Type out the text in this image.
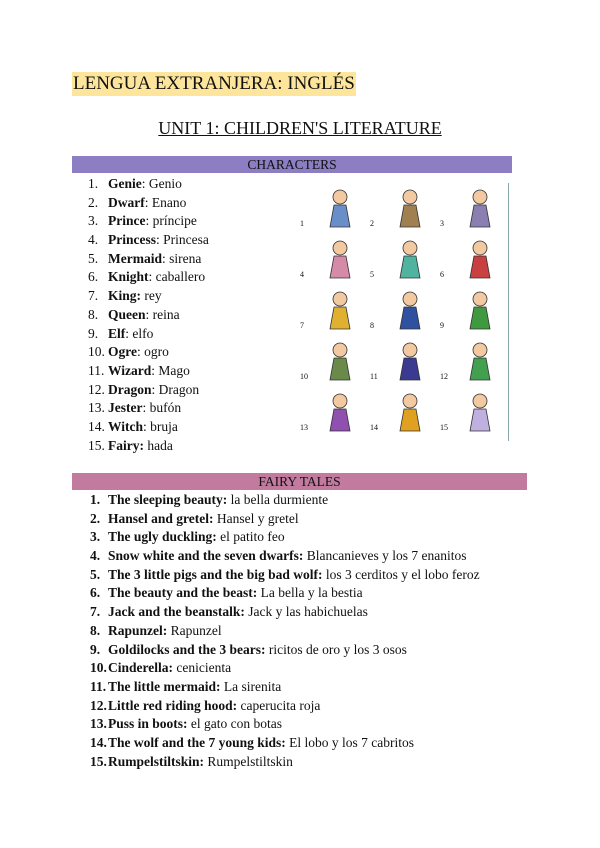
LENGUA EXTRANJERA: INGLÉS
UNIT 1: CHILDREN'S LITERATURE
CHARACTERS
1. Genie: Genio
2. Dwarf: Enano
3. Prince: príncipe
4. Princess: Princesa
5. Mermaid: sirena
6. Knight: caballero
7. King: rey
8. Queen: reina
9. Elf: elfo
10. Ogre: ogro
11. Wizard: Mago
12. Dragon: Dragon
13. Jester: bufón
14. Witch: bruja
15. Fairy: hada
1	2	3
4	5	6
7	8	9
10	11	12
13	14	15
FAIRY TALES
1. The sleeping beauty: la bella durmiente
2. Hansel and gretel: Hansel y gretel
3. The ugly duckling: el patito feo
4. Snow white and the seven dwarfs: Blancanieves y los 7 enanitos
5. The 3 little pigs and the big bad wolf: los 3 cerditos y el lobo feroz
6. The beauty and the beast: La bella y la bestia
7. Jack and the beanstalk: Jack y las habichuelas
8. Rapunzel: Rapunzel
9. Goldilocks and the 3 bears: ricitos de oro y los 3 osos
10.Cinderella: cenicienta
11. The little mermaid: La sirenita
12.Little red riding hood: caperucita roja
13.Puss in boots: el gato con botas
14.The wolf and the 7 young kids: El lobo y los 7 cabritos
15.Rumpelstiltskin: Rumpelstiltskin
